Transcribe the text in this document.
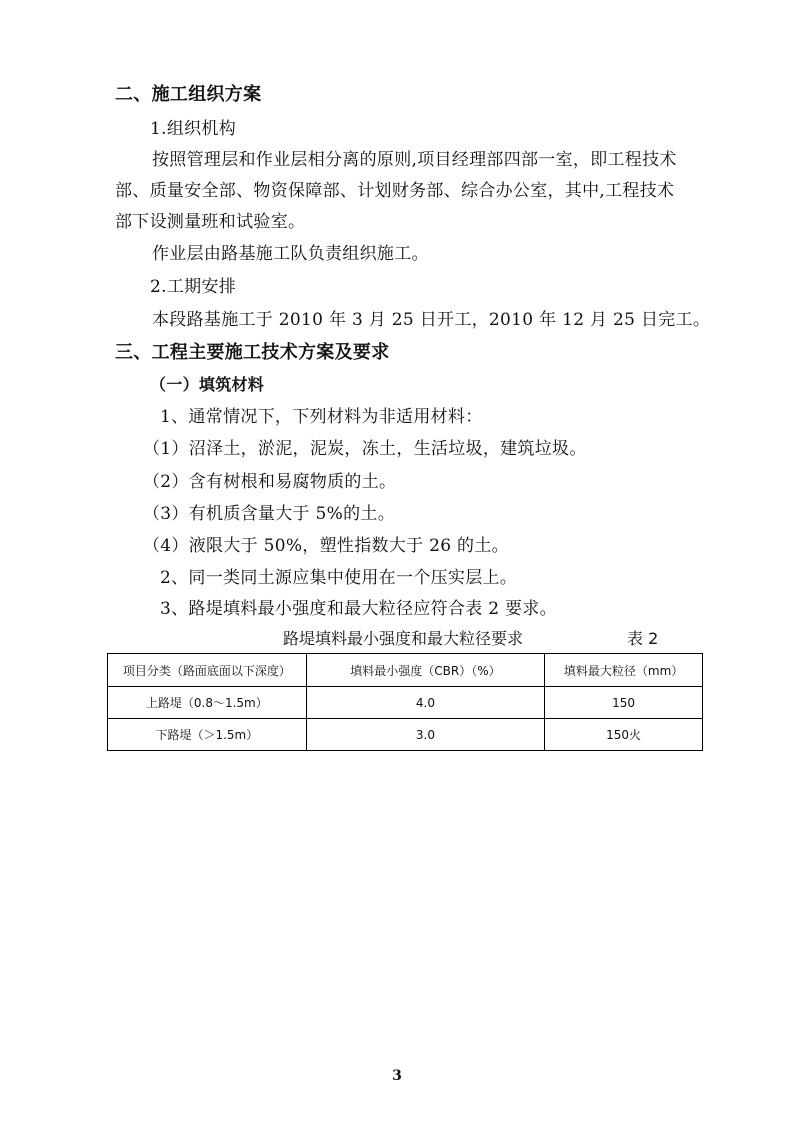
二、施工组织方案
1.组织机构
按照管理层和作业层相分离的原则,项目经理部四部一室，即工程技术
部、质量安全部、物资保障部、计划财务部、综合办公室，其中,工程技术
部下设测量班和试验室。
作业层由路基施工队负责组织施工。
2.工期安排
本段路基施工于 2010 年 3 月 25 日开工，2010 年 12 月 25 日完工。
三、工程主要施工技术方案及要求
（一）填筑材料
1、通常情况下，下列材料为非适用材料：
（1）沼泽土，淤泥，泥炭，冻土，生活垃圾，建筑垃圾。
（2）含有树根和易腐物质的土。
（3）有机质含量大于 5%的土。
（4）液限大于 50%，塑性指数大于 26 的土。
2、同一类同土源应集中使用在一个压实层上。
3、路堤填料最小强度和最大粒径应符合表 2 要求。
路堤填料最小强度和最大粒径要求	表 2
项目分类（路面底面以下深度）	填料最小强度（CBR）（%）	填料最大粒径（mm）
上路堤（0.8～1.5m）	4.0	150
下路堤（＞1.5m）	3.0	150火
3
